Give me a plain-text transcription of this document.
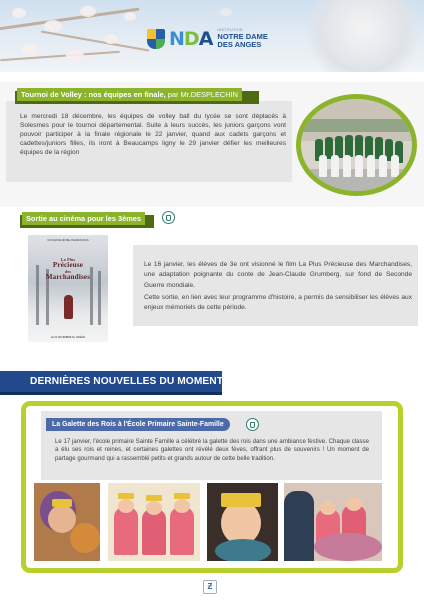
NDA INSTITUTION
NOTRE DAME
DES ANGES
Tournoi de Volley : nos équipes en finale, par Mr.DESPLECHIN
Le mercredi 18 décembre, les équipes de volley ball du lycée se sont déplacés à Solesmes pour le tournoi départemental. Suite à leurs succès, les juniors garçons vont pouvoir participer à la finale régionale le 22 janvier, quand aux cadets garçons et cadettes/juniors filles, ils iront à Beaucamps ligny le 29 janvier défier les meilleures équipes de la région
Sortie au cinéma pour les 3èmes
UN FILM DE MICHEL HAZANAVICIUS
La Plus
Précieuse
des
Marchandises
LE 20 NOVEMBRE AU CINÉMA
Le 16 janvier, les élèves de 3e ont visionné le film La Plus Précieuse des Marchandises, une adaptation poignante du conte de Jean-Claude Grumberg, sur fond de Seconde Guerre mondiale.
Cette sortie, en lien avec leur programme d'histoire, a permis de sensibiliser les élèves aux enjeux mémoriels de cette période.
DERNIÈRES NOUVELLES DU MOMENT
La Galette des Rois à l'École Primaire Sainte-Famille
Le 17 janvier, l'école primaire Sainte Famille a célébré la galette des rois dans une ambiance festive. Chaque classe a élu ses rois et reines, et certaines galettes ont révélé deux fèves, offrant plus de souvenirs ! Un moment de partage gourmand qui a rassemblé petits et grands autour de cette belle tradition.
Ƶ
